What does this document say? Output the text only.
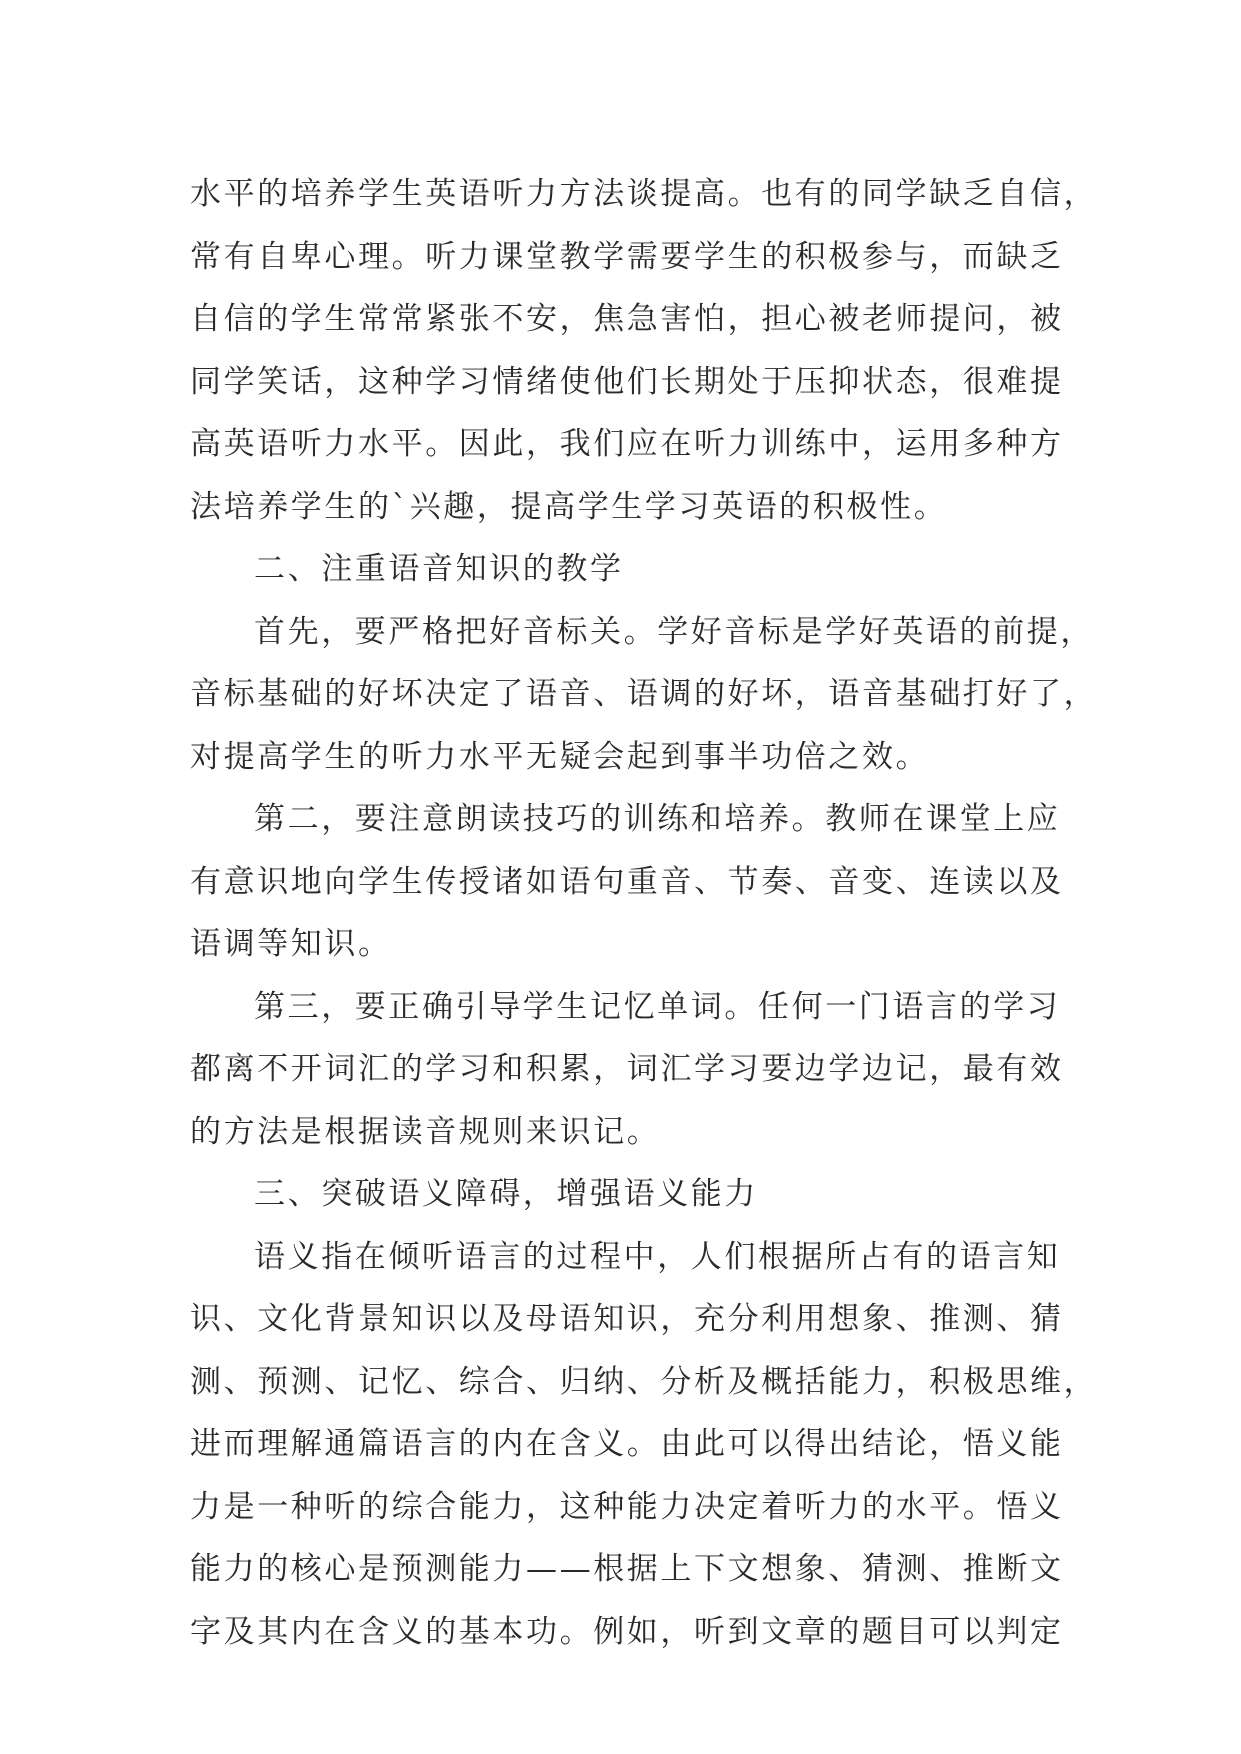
水平的培养学生英语听力方法谈提高。也有的同学缺乏自信，
常有自卑心理。听力课堂教学需要学生的积极参与，而缺乏
自信的学生常常紧张不安，焦急害怕，担心被老师提问，被
同学笑话，这种学习情绪使他们长期处于压抑状态，很难提
高英语听力水平。因此，我们应在听力训练中，运用多种方
法培养学生的`兴趣，提高学生学习英语的积极性。
二、注重语音知识的教学
首先，要严格把好音标关。学好音标是学好英语的前提，
音标基础的好坏决定了语音、语调的好坏，语音基础打好了，
对提高学生的听力水平无疑会起到事半功倍之效。
第二，要注意朗读技巧的训练和培养。教师在课堂上应
有意识地向学生传授诸如语句重音、节奏、音变、连读以及
语调等知识。
第三，要正确引导学生记忆单词。任何一门语言的学习
都离不开词汇的学习和积累，词汇学习要边学边记，最有效
的方法是根据读音规则来识记。
三、突破语义障碍，增强语义能力
语义指在倾听语言的过程中，人们根据所占有的语言知
识、文化背景知识以及母语知识，充分利用想象、推测、猜
测、预测、记忆、综合、归纳、分析及概括能力，积极思维，
进而理解通篇语言的内在含义。由此可以得出结论，悟义能
力是一种听的综合能力，这种能力决定着听力的水平。悟义
能力的核心是预测能力——根据上下文想象、猜测、推断文
字及其内在含义的基本功。例如，听到文章的题目可以判定
